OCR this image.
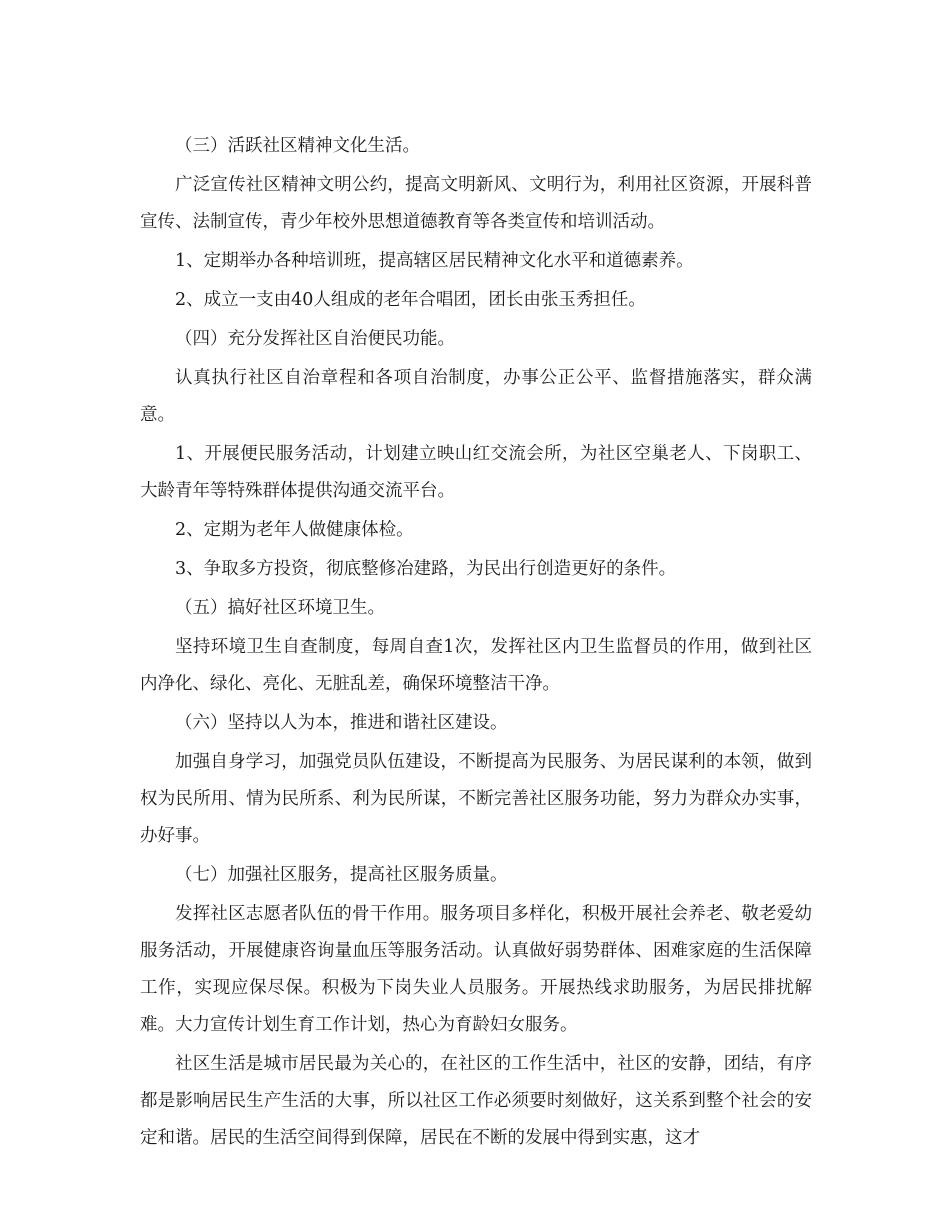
（三）活跃社区精神文化生活。

广泛宣传社区精神文明公约，提高文明新风、文明行为，利用社区资源，开展科普宣传、法制宣传，青少年校外思想道德教育等各类宣传和培训活动。

1、定期举办各种培训班，提高辖区居民精神文化水平和道德素养。

2、成立一支由40人组成的老年合唱团，团长由张玉秀担任。

（四）充分发挥社区自治便民功能。

认真执行社区自治章程和各项自治制度，办事公正公平、监督措施落实，群众满意。

1、开展便民服务活动，计划建立映山红交流会所，为社区空巢老人、下岗职工、大龄青年等特殊群体提供沟通交流平台。

2、定期为老年人做健康体检。

3、争取多方投资，彻底整修冶建路，为民出行创造更好的条件。

（五）搞好社区环境卫生。

坚持环境卫生自查制度，每周自查1次，发挥社区内卫生监督员的作用，做到社区内净化、绿化、亮化、无脏乱差，确保环境整洁干净。

（六）坚持以人为本，推进和谐社区建设。

加强自身学习，加强党员队伍建设，不断提高为民服务、为居民谋利的本领，做到权为民所用、情为民所系、利为民所谋，不断完善社区服务功能，努力为群众办实事，办好事。

（七）加强社区服务，提高社区服务质量。

发挥社区志愿者队伍的骨干作用。服务项目多样化，积极开展社会养老、敬老爱幼服务活动，开展健康咨询量血压等服务活动。认真做好弱势群体、困难家庭的生活保障工作，实现应保尽保。积极为下岗失业人员服务。开展热线求助服务，为居民排扰解难。大力宣传计划生育工作计划，热心为育龄妇女服务。

社区生活是城市居民最为关心的，在社区的工作生活中，社区的安静，团结，有序都是影响居民生产生活的大事，所以社区工作必须要时刻做好，这关系到整个社会的安定和谐。居民的生活空间得到保障，居民在不断的发展中得到实惠，这才
